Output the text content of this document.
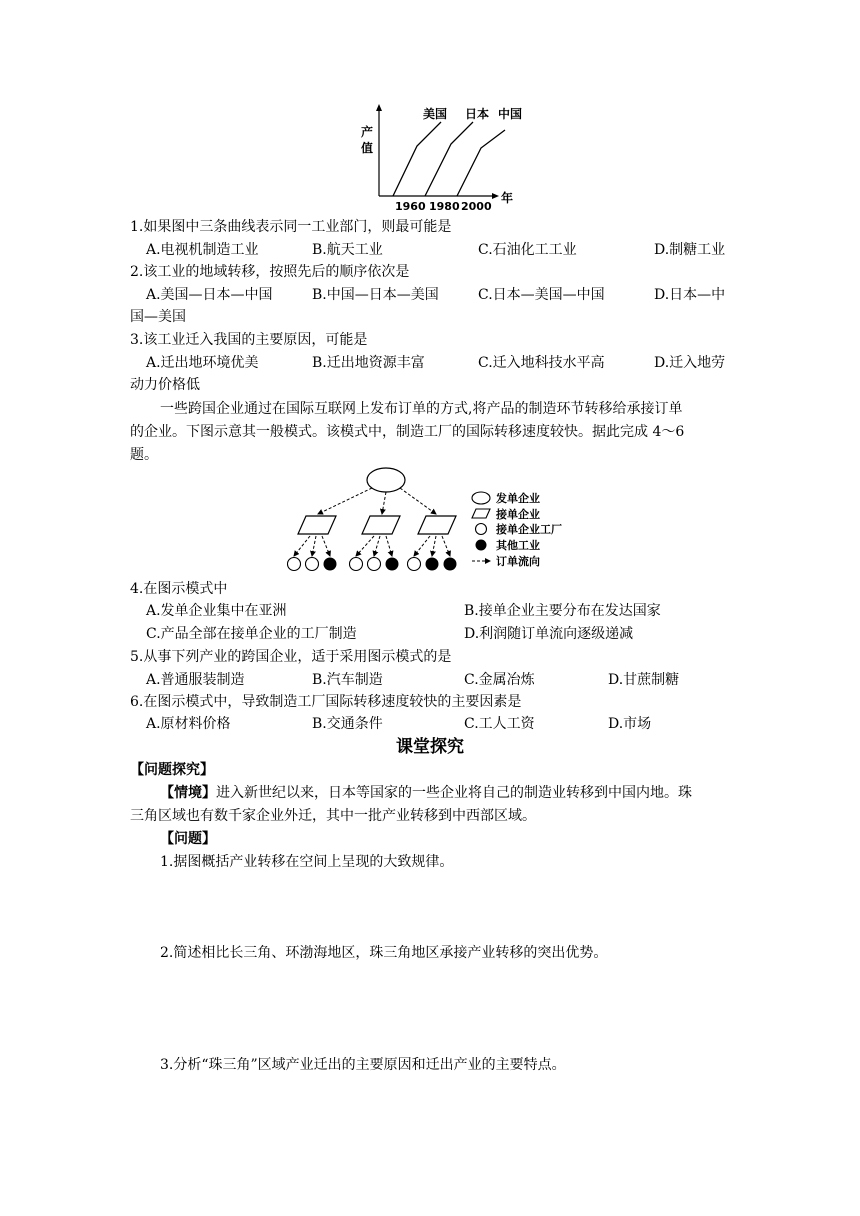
美国 日本 中国
产
值
年
1960 1980 2000
1.如果图中三条曲线表示同一工业部门，则最可能是
A.电视机制造工业	B.航天工业	C.石油化工工业	D.制糖工业
2.该工业的地域转移，按照先后的顺序依次是
A.美国—日本—中国	B.中国—日本—美国	C.日本—美国—中国	D.日本—中
国—美国
3.该工业迁入我国的主要原因，可能是
A.迁出地环境优美	B.迁出地资源丰富	C.迁入地科技水平高	D.迁入地劳
动力价格低
一些跨国企业通过在国际互联网上发布订单的方式,将产品的制造环节转移给承接订单
的企业。下图示意其一般模式。该模式中，制造工厂的国际转移速度较快。据此完成 4～6
题。
发单企业
接单企业
接单企业工厂
其他工业
订单流向
4.在图示模式中
A.发单企业集中在亚洲	B.接单企业主要分布在发达国家
C.产品全部在接单企业的工厂制造	D.利润随订单流向逐级递减
5.从事下列产业的跨国企业，适于采用图示模式的是
A.普通服装制造	B.汽车制造	C.金属冶炼	D.甘蔗制糖
6.在图示模式中，导致制造工厂国际转移速度较快的主要因素是
A.原材料价格	B.交通条件	C.工人工资	D.市场
课堂探究
【问题探究】
【情境】进入新世纪以来，日本等国家的一些企业将自己的制造业转移到中国内地。珠
三角区域也有数千家企业外迁，其中一批产业转移到中西部区域。
【问题】
1.据图概括产业转移在空间上呈现的大致规律。
2.简述相比长三角、环渤海地区，珠三角地区承接产业转移的突出优势。
3.分析“珠三角”区域产业迁出的主要原因和迁出产业的主要特点。
